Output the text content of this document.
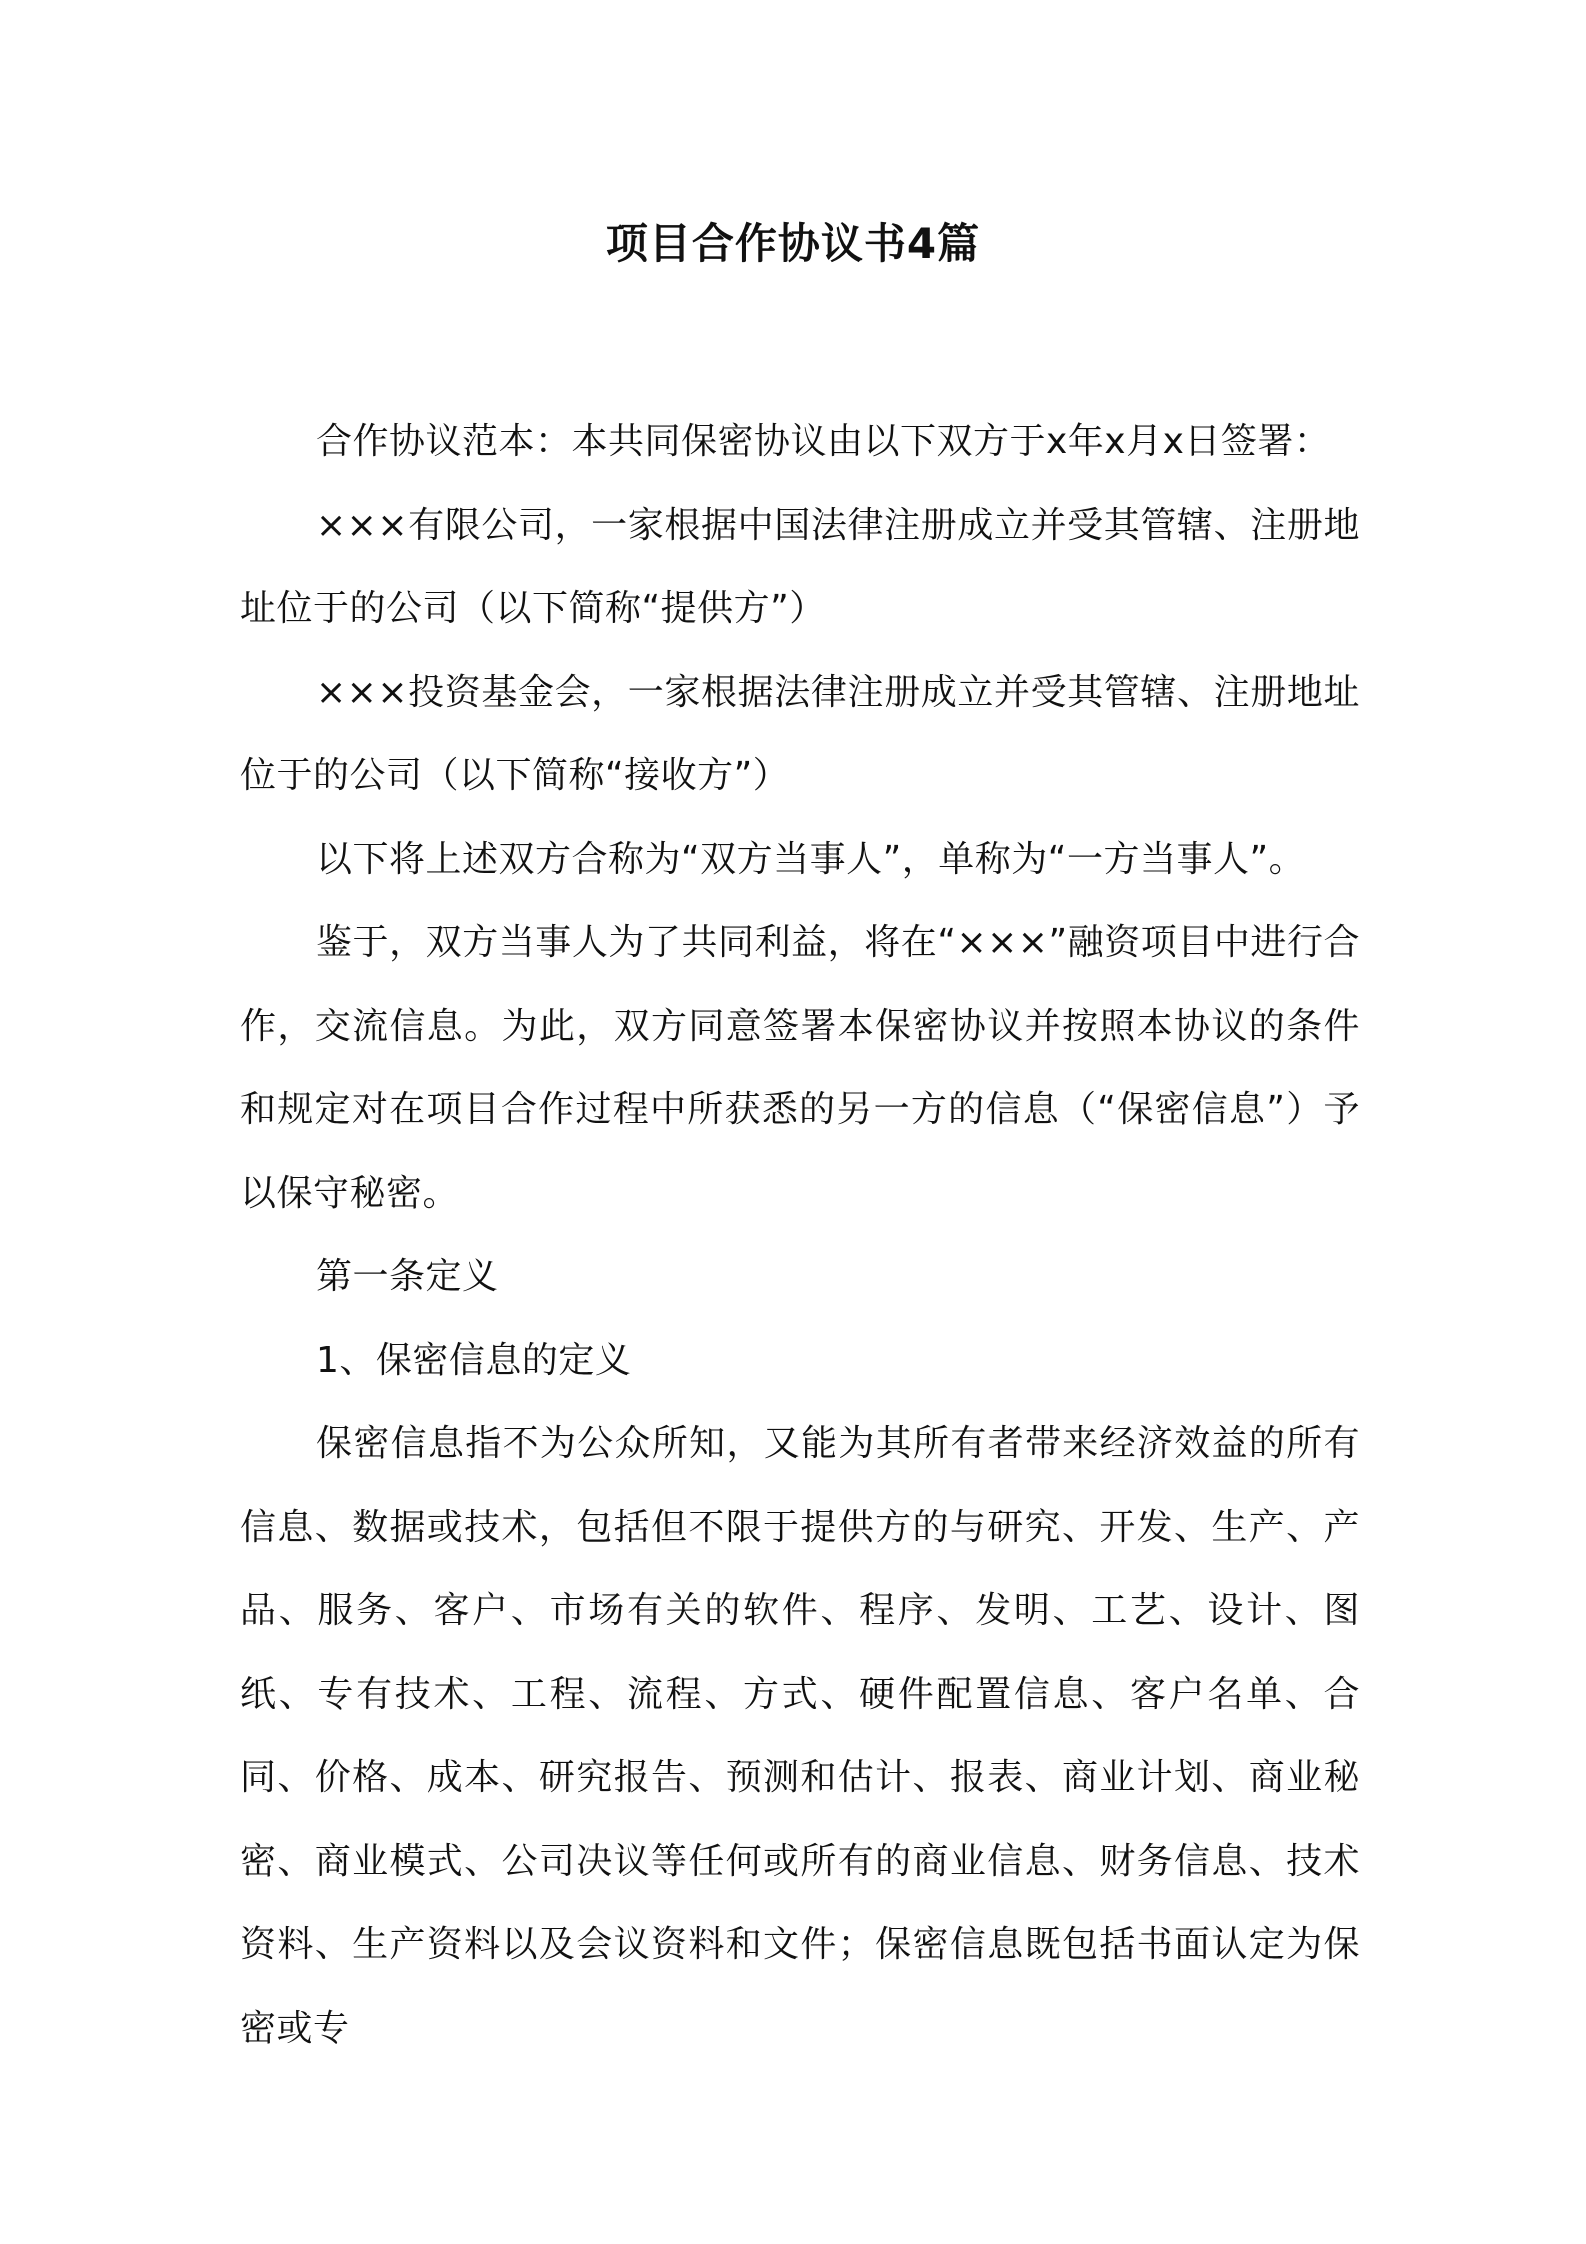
项目合作协议书4篇

合作协议范本：本共同保密协议由以下双方于x年x月x日签署：

×××有限公司，一家根据中国法律注册成立并受其管辖、注册地址位于的公司（以下简称“提供方”）

×××投资基金会，一家根据法律注册成立并受其管辖、注册地址位于的公司（以下简称“接收方”）

以下将上述双方合称为“双方当事人”，单称为“一方当事人”。

鉴于，双方当事人为了共同利益，将在“×××”融资项目中进行合作，交流信息。为此，双方同意签署本保密协议并按照本协议的条件和规定对在项目合作过程中所获悉的另一方的信息（“保密信息”）予以保守秘密。

第一条定义

1、保密信息的定义

保密信息指不为公众所知，又能为其所有者带来经济效益的所有信息、数据或技术，包括但不限于提供方的与研究、开发、生产、产品、服务、客户、市场有关的软件、程序、发明、工艺、设计、图纸、专有技术、工程、流程、方式、硬件配置信息、客户名单、合同、价格、成本、研究报告、预测和估计、报表、商业计划、商业秘密、商业模式、公司决议等任何或所有的商业信息、财务信息、技术资料、生产资料以及会议资料和文件；保密信息既包括书面认定为保密或专
